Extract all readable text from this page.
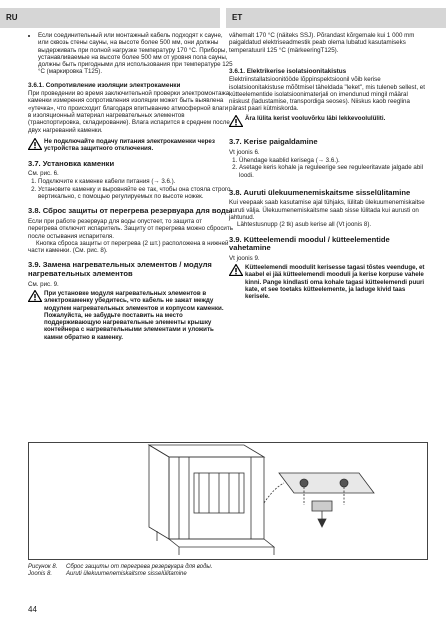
RU	ET
• Если соединительный или монтажный кабель подходят к сауне, или сквозь стены сауны, на высоте более 500 мм, они должны выдерживать при полной нагрузке температуру 170 °C. Приборы, устанавливаемые на высоте более 500 мм от уровня пола сауны, должны быть пригодными для использования при температуре 125 °C (маркировка T125).
3.6.1. Сопротивление изоляции электрокаменки

При проведении во время заключительной проверки электромонтажа каменки измерения сопротивления изоляции может быть выявлена «утечка», что происходит благодаря впитыванию атмосферной влаги в изоляционный материал нагревательных элементов (транспортировка, складирование). Влага испарится в среднем после двух нагреваний каменки.

Не подключайте подачу питания электрокаменки через устройства защитного отключения.
3.7. Установка каменки

См. рис. 6.

1. Подключите к каменке кабели питания (→ 3.6.).
2. Установите каменку и выровняйте ее так, чтобы она стояла строго вертикально, с помощью регулируемых по высоте ножек.
3.8. Сброс защиты от перегрева резервуара для воды

Если при работе резервуар для воды опустеет, то защита от перегрева отключит испаритель. Защиту от перегрева можно сбросить после остывания испарителя.

Кнопка сброса защиты от перегрева (2 шт.) расположена в нижней части каменки. (См. рис. 8).

3.9. Замена нагревательных элементов / модуля нагревательных элементов

См. рис. 9.

При установке модуля нагревательных элементов в электрокаменку убедитесь, что кабель не зажат между модулем нагревательных элементов и корпусом каменки. Пожалуйста, не забудьте поставить на место поддерживающую нагревательные элементы крышку контейнера с нагревательными элементами и уложить камни обратно в каменку.

vähemalt 170 °C (näiteks SSJ). Põrandast kõrgemale kui 1 000 mm paigaldatud elektriseadmestik peab olema lubatud kasutamiseks temperatuuril 125 °C (märkeeringT125).

3.6.1. Elektrikerise isolatsioonitakistus

Elektriinstallatsioonitööde lõppinspektsioonil võib kerise isolatsioonitakistuse mõõtmisel täheldada "leket", mis tuleneb sellest, et kütteelementide isolatsioonimaterjali on imendunud mingil määral niiskust (ladustamise, transpordiga seoses). Niiskus kaob reeglina pärast paari kütmiskorda.

Ära lülita kerist vooluvõrku läbi lekkevoolulüliti.
3.7. Kerise paigaldamine

Vt joonis 6.

1. Ühendage kaablid kerisega (→ 3.6.).
2. Asetage keris kohale ja reguleerige see reguleeritavate jalgade abil loodi.
3.8. Auruti ülekuumenemiskaitsme sisselülitamine

Kui veepaak saab kasutamise ajal tühjaks, lülitab ülekuumenemiskaitse auruti välja. Ülekuumenemiskaitsme saab sisse lülitada kui aurusti on jahtunud.

Lähtestusnupp (2 tk) asub kerise all (Vt joonis 8).

3.9. Kütteelemendi moodul / kütteelementide vahetamine

Vt joonis 9.

Kütteelemendi moodulit kerisesse tagasi tõstes veenduge, et kaabel ei jää kütteelemendi mooduli ja kerise korpuse vahele kinni. Pange kindlasti oma kohale tagasi kütteelemendi puuri kate, et see toetaks kütteelemente, ja laduge kivid taas kerisele.
Рисунок 8.	Сброс защиты от перегрева резервуара для воды.
Joonis 8.	Auruti ülekuumenemiskaitsme sisselülitamine
44
